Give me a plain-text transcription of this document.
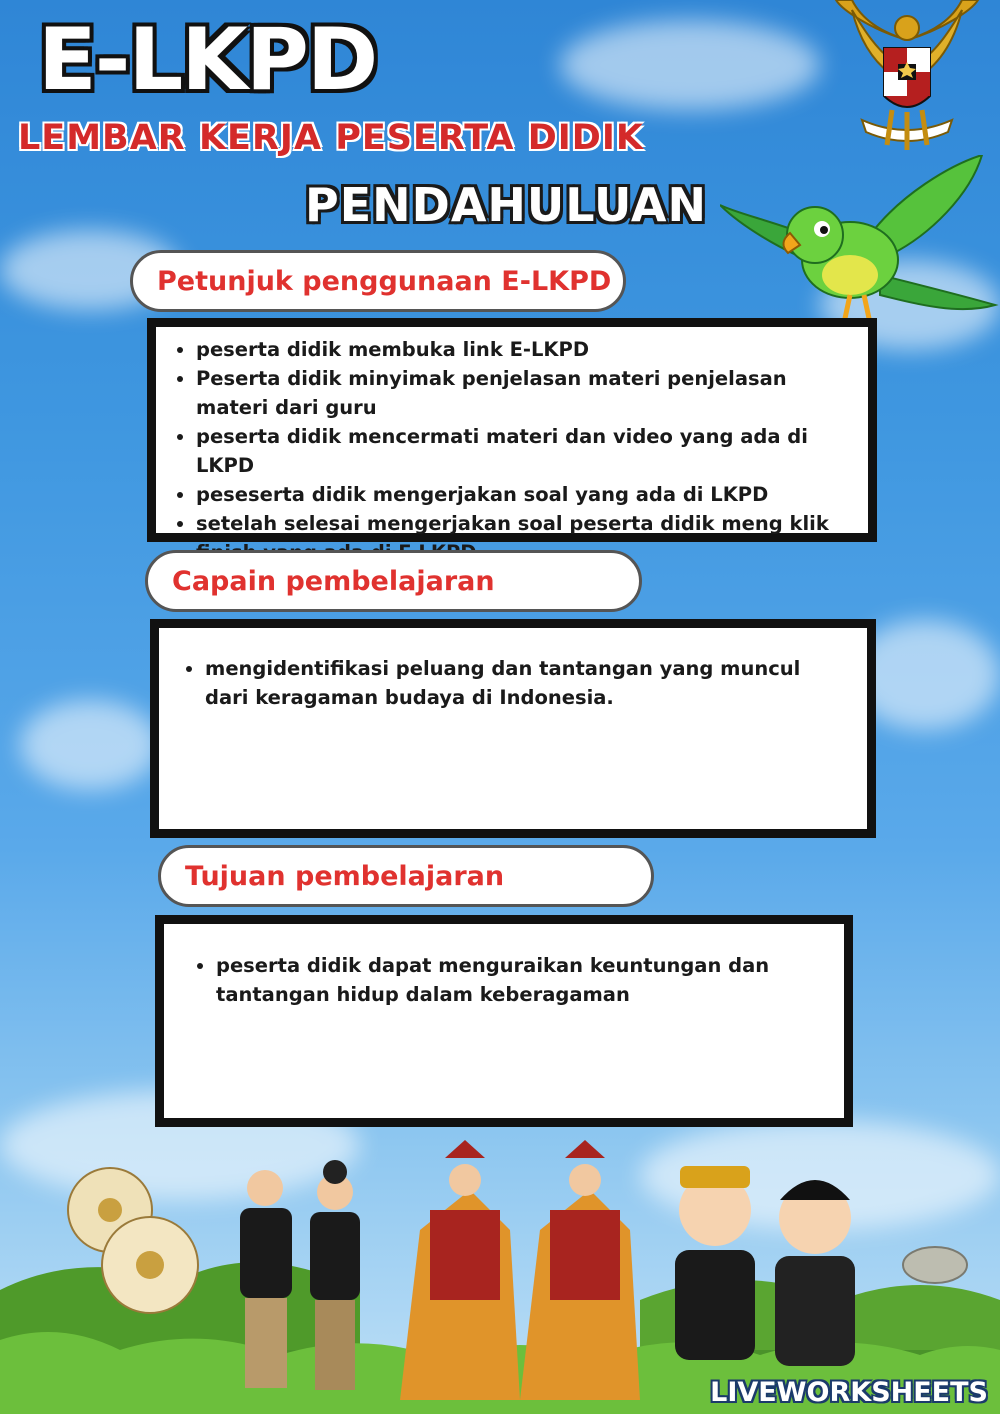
E-LKPD
LEMBAR KERJA PESERTA DIDIK
PENDAHULUAN
Petunjuk penggunaan E-LKPD
• peserta didik membuka link E-LKPD
• Peserta didik minyimak penjelasan materi penjelasan materi dari guru
• peserta didik mencermati materi dan video yang ada di LKPD
• peseserta didik mengerjakan soal yang ada di LKPD
• setelah selesai mengerjakan soal peserta didik meng klik
Capain pembelajaran
• mengidentifikasi peluang dan tantangan yang muncul dari keragaman budaya di Indonesia.
Tujuan pembelajaran
• peserta didik dapat menguraikan keuntungan dan tantangan hidup dalam keberagaman
LIVEWORKSHEETS
